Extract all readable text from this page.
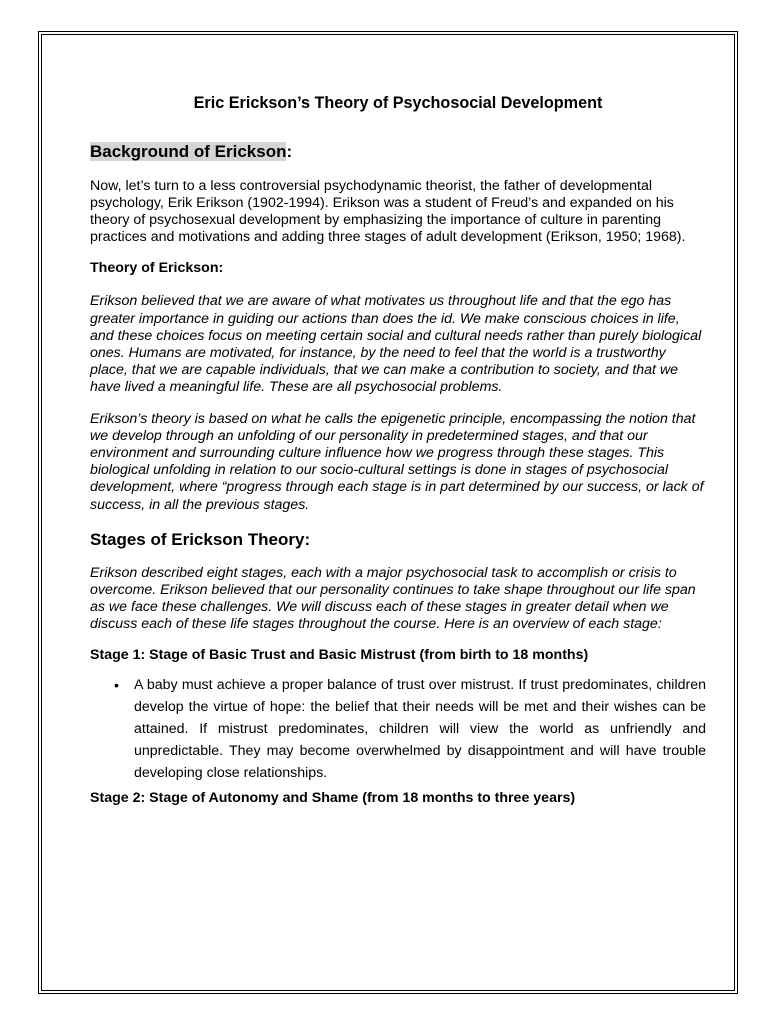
Eric Erickson’s Theory of Psychosocial Development
Background of Erickson:

Now, let’s turn to a less controversial psychodynamic theorist, the father of developmental psychology, Erik Erikson (1902-1994). Erikson was a student of Freud’s and expanded on his theory of psychosexual development by emphasizing the importance of culture in parenting practices and motivations and adding three stages of adult development (Erikson, 1950; 1968).

Theory of Erickson:

Erikson believed that we are aware of what motivates us throughout life and that the ego has greater importance in guiding our actions than does the id. We make conscious choices in life, and these choices focus on meeting certain social and cultural needs rather than purely biological ones. Humans are motivated, for instance, by the need to feel that the world is a trustworthy place, that we are capable individuals, that we can make a contribution to society, and that we have lived a meaningful life. These are all psychosocial problems.

Erikson’s theory is based on what he calls the epigenetic principle, encompassing the notion that we develop through an unfolding of our personality in predetermined stages, and that our environment and surrounding culture influence how we progress through these stages. This biological unfolding in relation to our socio-cultural settings is done in stages of psychosocial development, where “progress through each stage is in part determined by our success, or lack of success, in all the previous stages.

Stages of Erickson Theory:

Erikson described eight stages, each with a major psychosocial task to accomplish or crisis to overcome. Erikson believed that our personality continues to take shape throughout our life span as we face these challenges. We will discuss each of these stages in greater detail when we discuss each of these life stages throughout the course. Here is an overview of each stage:

Stage 1: Stage of Basic Trust and Basic Mistrust (from birth to 18 months)
• A baby must achieve a proper balance of trust over mistrust. If trust predominates, children develop the virtue of hope: the belief that their needs will be met and their wishes can be attained. If mistrust predominates, children will view the world as unfriendly and unpredictable. They may become overwhelmed by disappointment and will have trouble developing close relationships.
Stage 2: Stage of Autonomy and Shame (from 18 months to three years)
